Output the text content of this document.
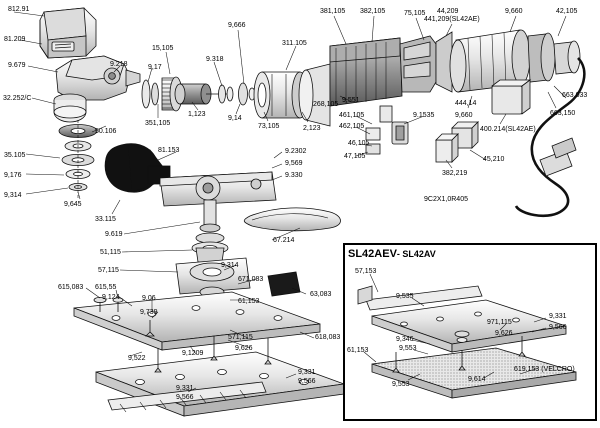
SL42AEV- SL42AV
812.91
81.209
9.679
32.252/C
9.218	9,17
15,105
9.318
9,666
311.105
381,105 382,105	75,105 44,209
441,209(SL42AE)
9,660	42,105
444,14
9,660	663,150
663.033
400.214(SL42AE)
9.1535
9,551
268,105
461,105
462,105
46,105
47,105
382,219
45,210
9C2X1,0R405
1,123
9,14
73,105	2,123
351,105
50.106
35.105
9,176
9,314
9,645
33.115
81.153	9.2302
9,569
9.330
9.619
51,115
67.214
57,115
9,314
671,083
615,083 615,55
9,124	9,06	61,153
63,083
9,739
571,115
9,626
618,083
9,522
9,1209
9,331
9,566
9,331
9,566
57,153
9,535
971,115
9,331
9,566
9,626
9,346
9,553
61,153
9,553
9,614
619.153 (VELCRO)
